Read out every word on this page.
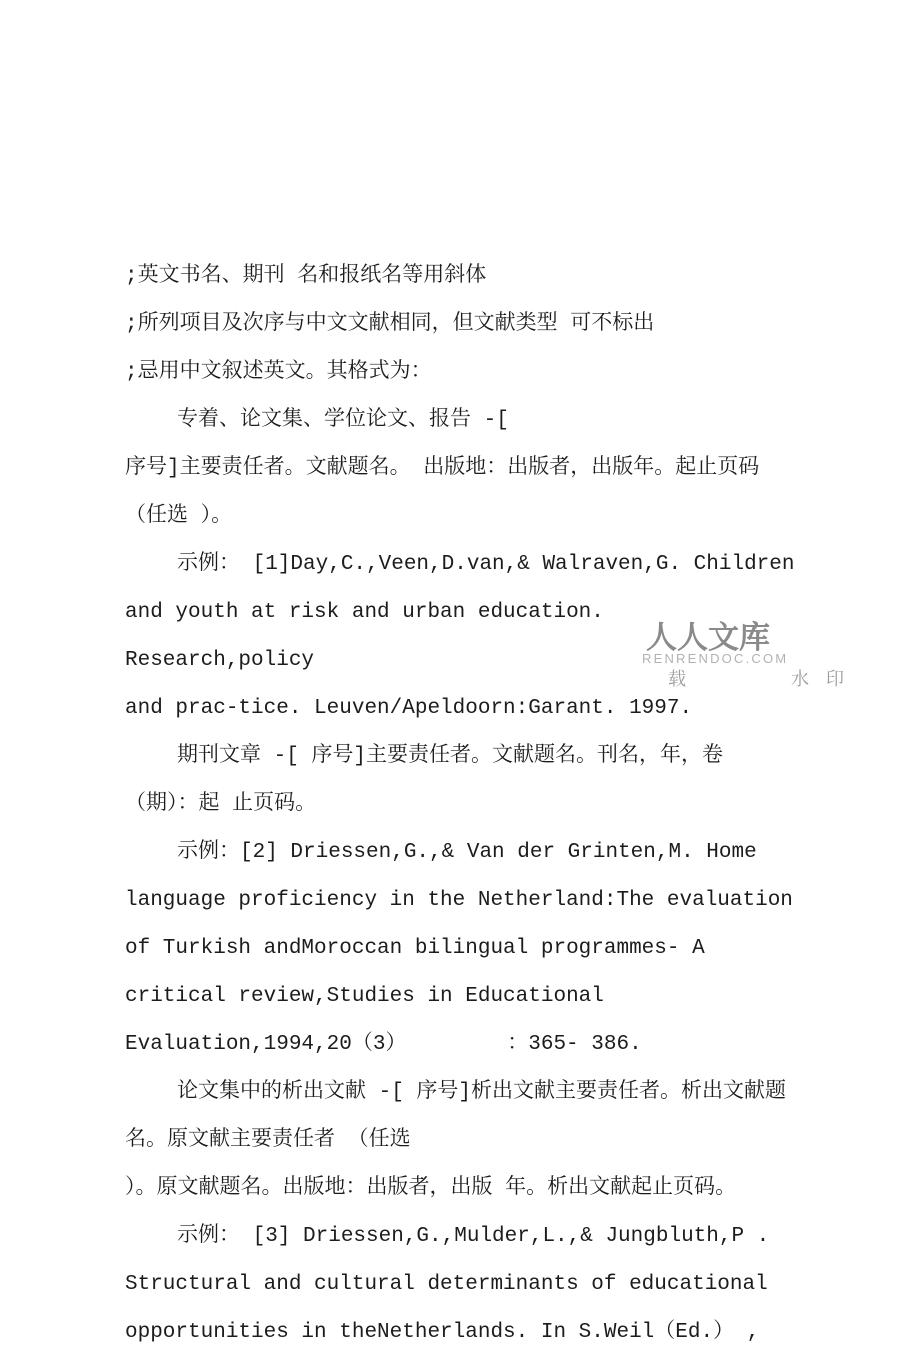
人人文库
RENRENDOC.COM
载	水 印

;英文书名、期刊 名和报纸名等用斜体
;所列项目及次序与中文文献相同，但文献类型 可不标出
;忌用中文叙述英文。其格式为：
专着、论文集、学位论文、报告 -[
序号]主要责任者。文献题名。 出版地：出版者，出版年。起止页码
（任选 ）。
示例： [1]Day,C.,Veen,D.van,& Walraven,G. Children
and youth at risk and urban education. Research,policy
and prac-tice. Leuven/Apeldoorn:Garant. 1997.
期刊文章 -[ 序号]主要责任者。文献题名。刊名，年，卷
（期）：起 止页码。
示例：[2] Driessen,G.,& Van der Grinten,M. Home
language proficiency in the Netherland:The evaluation
of Turkish andMoroccan bilingual programmes- A
critical review,Studies in Educational
Evaluation,1994,20（3）        ：365- 386.
论文集中的析出文献 -[ 序号]析出文献主要责任者。析出文献题
名。原文献主要责任者 （任选
）。原文献题名。出版地：出版者，出版 年。析出文献起止页码。
示例： [3] Driessen,G.,Mulder,L.,& Jungbluth,P .
Structural and cultural determinants of educational
opportunities in theNetherlands. In S.Weil（Ed.） ,
